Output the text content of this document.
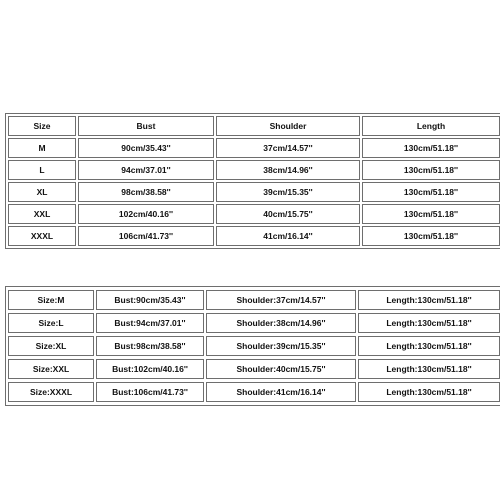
Size	Bust	Shoulder	Length
M	90cm/35.43''	37cm/14.57''	130cm/51.18''
L	94cm/37.01''	38cm/14.96''	130cm/51.18''
XL	98cm/38.58''	39cm/15.35''	130cm/51.18''
XXL	102cm/40.16''	40cm/15.75''	130cm/51.18''
XXXL	106cm/41.73''	41cm/16.14''	130cm/51.18''
Size:M	Bust:90cm/35.43''	Shoulder:37cm/14.57''	Length:130cm/51.18''
Size:L	Bust:94cm/37.01''	Shoulder:38cm/14.96''	Length:130cm/51.18''
Size:XL	Bust:98cm/38.58''	Shoulder:39cm/15.35''	Length:130cm/51.18''
Size:XXL	Bust:102cm/40.16''	Shoulder:40cm/15.75''	Length:130cm/51.18''
Size:XXXL	Bust:106cm/41.73''	Shoulder:41cm/16.14''	Length:130cm/51.18''
